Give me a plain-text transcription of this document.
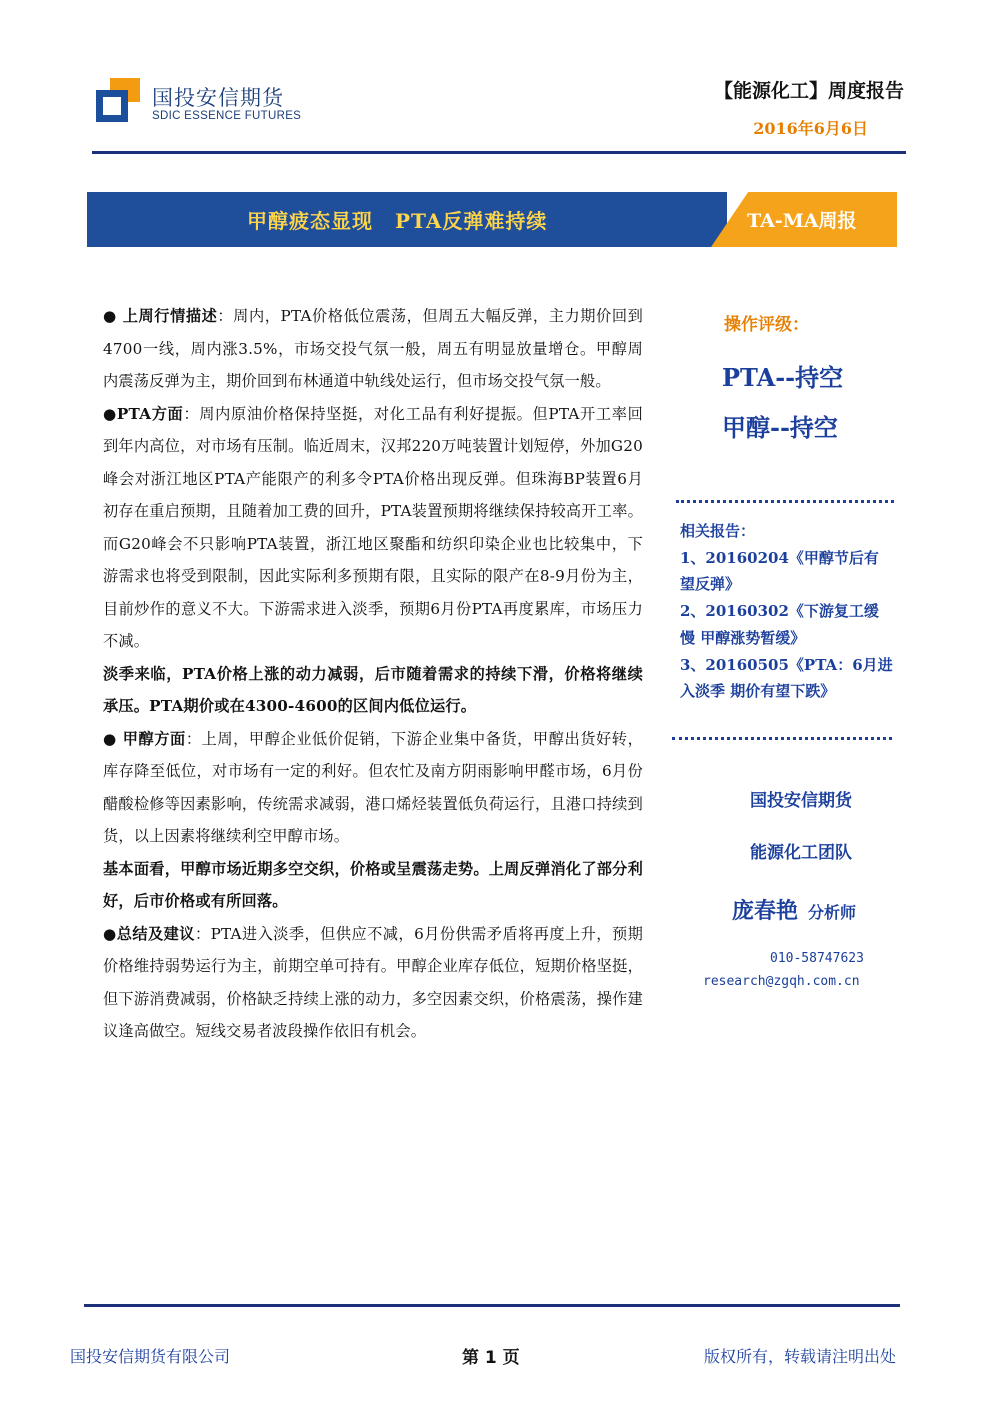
国投安信期货
SDIC ESSENCE FUTURES
【能源化工】周度报告
2016年6月6日
甲醇疲态显现 PTA反弹难持续	TA-MA周报

● 上周行情描述：周内，PTA价格低位震荡，但周五大幅反弹，主力期价回到4700一线，周内涨3.5%，市场交投气氛一般，周五有明显放量增仓。甲醇周内震荡反弹为主，期价回到布林通道中轨线处运行，但市场交投气氛一般。

●PTA方面：周内原油价格保持坚挺，对化工品有利好提振。但PTA开工率回到年内高位，对市场有压制。临近周末，汉邦220万吨装置计划短停，外加G20峰会对浙江地区PTA产能限产的利多令PTA价格出现反弹。但珠海BP装置6月初存在重启预期，且随着加工费的回升，PTA装置预期将继续保持较高开工率。而G20峰会不只影响PTA装置，浙江地区聚酯和纺织印染企业也比较集中，下游需求也将受到限制，因此实际利多预期有限，且实际的限产在8-9月份为主，目前炒作的意义不大。下游需求进入淡季，预期6月份PTA再度累库，市场压力不减。

淡季来临，PTA价格上涨的动力减弱，后市随着需求的持续下滑，价格将继续承压。PTA期价或在4300-4600的区间内低位运行。

● 甲醇方面：上周，甲醇企业低价促销，下游企业集中备货，甲醇出货好转，库存降至低位，对市场有一定的利好。但农忙及南方阴雨影响甲醛市场，6月份醋酸检修等因素影响，传统需求减弱，港口烯烃装置低负荷运行，且港口持续到货，以上因素将继续利空甲醇市场。

基本面看，甲醇市场近期多空交织，价格或呈震荡走势。上周反弹消化了部分利好，后市价格或有所回落。

●总结及建议：PTA进入淡季，但供应不减，6月份供需矛盾将再度上升，预期价格维持弱势运行为主，前期空单可持有。甲醇企业库存低位，短期价格坚挺，但下游消费减弱，价格缺乏持续上涨的动力，多空因素交织，价格震荡，操作建议逢高做空。短线交易者波段操作依旧有机会。

操作评级：
PTA--持空
甲醇--持空
相关报告：
1、20160204《甲醇节后有
望反弹》
2、20160302《下游复工缓
慢 甲醇涨势暂缓》
3、20160505《PTA：6月进
入淡季 期价有望下跌》
国投安信期货
能源化工团队
庞春艳 分析师
010-58747623
research@zgqh.com.cn
国投安信期货有限公司	第 1 页	版权所有，转载请注明出处
